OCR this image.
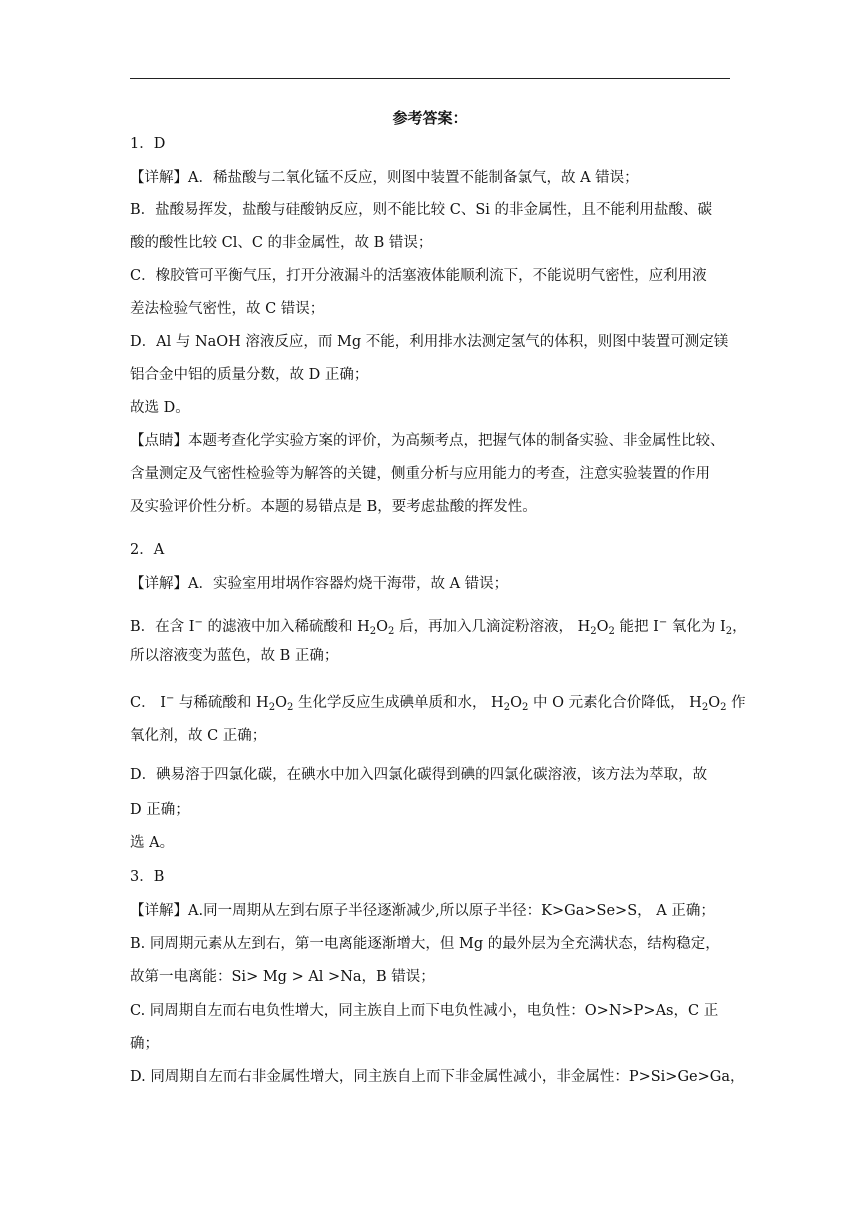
参考答案：
1．D
【详解】A．稀盐酸与二氧化锰不反应，则图中装置不能制备氯气，故 A 错误；
B．盐酸易挥发，盐酸与硅酸钠反应，则不能比较 C、Si 的非金属性，且不能利用盐酸、碳
酸的酸性比较 Cl、C 的非金属性，故 B 错误；
C．橡胶管可平衡气压，打开分液漏斗的活塞液体能顺利流下，不能说明气密性，应利用液
差法检验气密性，故 C 错误；
D．Al 与 NaOH 溶液反应，而 Mg 不能，利用排水法测定氢气的体积，则图中装置可测定镁
铝合金中铝的质量分数，故 D 正确；
故选 D。
【点睛】本题考查化学实验方案的评价，为高频考点，把握气体的制备实验、非金属性比较、
含量测定及气密性检验等为解答的关键，侧重分析与应用能力的考查，注意实验装置的作用
及实验评价性分析。本题的易错点是 B，要考虑盐酸的挥发性。
2．A
【详解】A．实验室用坩埚作容器灼烧干海带，故 A 错误；
B．在含 I− 的滤液中加入稀硫酸和 $H_2O_2$ 后，再加入几滴淀粉溶液， $H_2O_2$ 能把 I− 氧化为 $I_2$，
所以溶液变为蓝色，故 B 正确；
C． I− 与稀硫酸和 $H_2O_2$ 生化学反应生成碘单质和水， $H_2O_2$ 中 O 元素化合价降低， $H_2O_2$ 作
氧化剂，故 C 正确；
D．碘易溶于四氯化碳，在碘水中加入四氯化碳得到碘的四氯化碳溶液，该方法为萃取，故
D 正确；
选 A。
3．B
【详解】A.同一周期从左到右原子半径逐渐减少,所以原子半径：K>Ga>Se>S， A 正确；
B. 同周期元素从左到右，第一电离能逐渐增大，但 Mg 的最外层为全充满状态，结构稳定，
故第一电离能：Si> Mg > Al >Na，B 错误；
C. 同周期自左而右电负性增大，同主族自上而下电负性减小，电负性：O>N>P>As，C 正
确；
D. 同周期自左而右非金属性增大，同主族自上而下非金属性减小，非金属性：P>Si>Ge>Ga，
